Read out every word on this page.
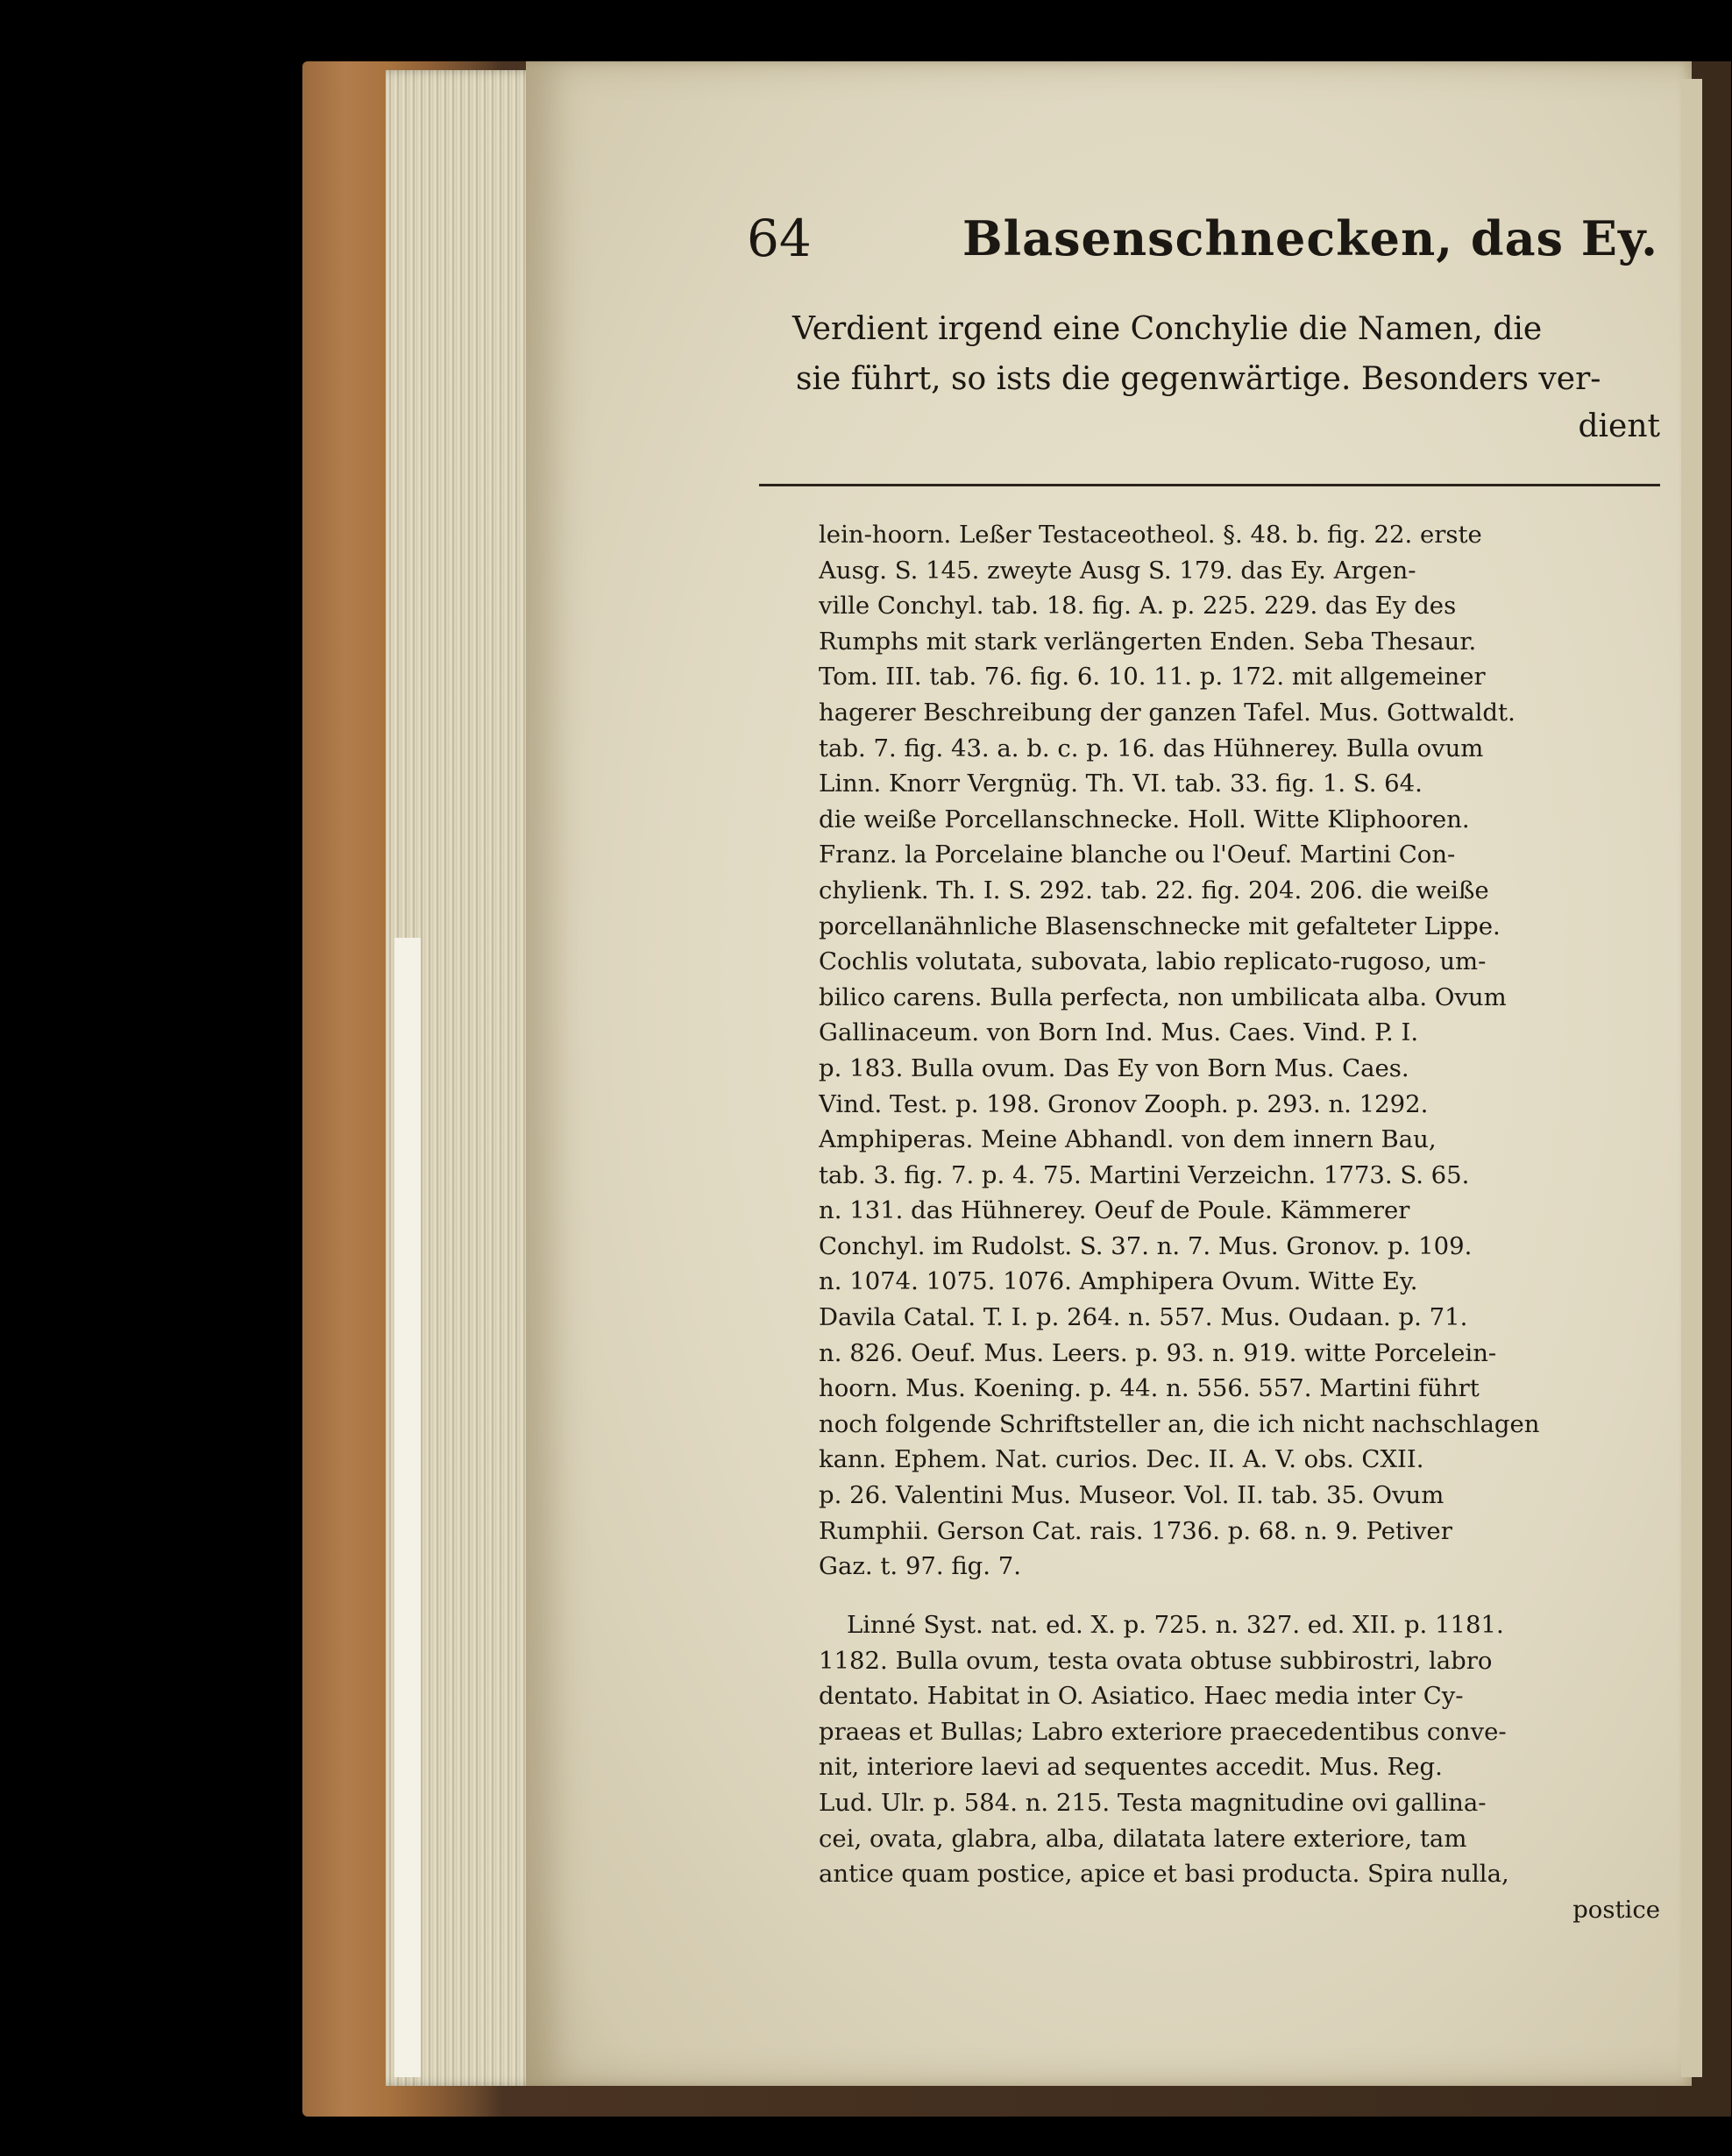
64	Blasenschnecken, das Ey.
Verdient irgend eine Conchylie die Namen, die
sie führt, so ists die gegenwärtige. Besonders ver-
dient
lein-hoorn. Leßer Testaceotheol. §. 48. b. fig. 22. erste
Ausg. S. 145. zweyte Ausg S. 179. das Ey. Argen-
ville Conchyl. tab. 18. fig. A. p. 225. 229. das Ey des
Rumphs mit stark verlängerten Enden. Seba Thesaur.
Tom. III. tab. 76. fig. 6. 10. 11. p. 172. mit allgemeiner
hagerer Beschreibung der ganzen Tafel. Mus. Gottwaldt.
tab. 7. fig. 43. a. b. c. p. 16. das Hühnerey. Bulla ovum
Linn. Knorr Vergnüg. Th. VI. tab. 33. fig. 1. S. 64.
die weiße Porcellanschnecke. Holl. Witte Kliphooren.
Franz. la Porcelaine blanche ou l'Oeuf. Martini Con-
chylienk. Th. I. S. 292. tab. 22. fig. 204. 206. die weiße
porcellanähnliche Blasenschnecke mit gefalteter Lippe.
Cochlis volutata, subovata, labio replicato-rugoso, um-
bilico carens. Bulla perfecta, non umbilicata alba. Ovum
Gallinaceum. von Born Ind. Mus. Caes. Vind. P. I.
p. 183. Bulla ovum. Das Ey von Born Mus. Caes.
Vind. Test. p. 198. Gronov Zooph. p. 293. n. 1292.
Amphiperas. Meine Abhandl. von dem innern Bau,
tab. 3. fig. 7. p. 4. 75. Martini Verzeichn. 1773. S. 65.
n. 131. das Hühnerey. Oeuf de Poule. Kämmerer
Conchyl. im Rudolst. S. 37. n. 7. Mus. Gronov. p. 109.
n. 1074. 1075. 1076. Amphipera Ovum. Witte Ey.
Davila Catal. T. I. p. 264. n. 557. Mus. Oudaan. p. 71.
n. 826. Oeuf. Mus. Leers. p. 93. n. 919. witte Porcelein-
hoorn. Mus. Koening. p. 44. n. 556. 557. Martini führt
noch folgende Schriftsteller an, die ich nicht nachschlagen
kann. Ephem. Nat. curios. Dec. II. A. V. obs. CXII.
p. 26. Valentini Mus. Museor. Vol. II. tab. 35. Ovum
Rumphii. Gerson Cat. rais. 1736. p. 68. n. 9. Petiver
Gaz. t. 97. fig. 7.
Linné Syst. nat. ed. X. p. 725. n. 327. ed. XII. p. 1181.
1182. Bulla ovum, testa ovata obtuse subbirostri, labro
dentato. Habitat in O. Asiatico. Haec media inter Cy-
praeas et Bullas; Labro exteriore praecedentibus conve-
nit, interiore laevi ad sequentes accedit. Mus. Reg.
Lud. Ulr. p. 584. n. 215. Testa magnitudine ovi gallina-
cei, ovata, glabra, alba, dilatata latere exteriore, tam
antice quam postice, apice et basi producta. Spira nulla,
postice
